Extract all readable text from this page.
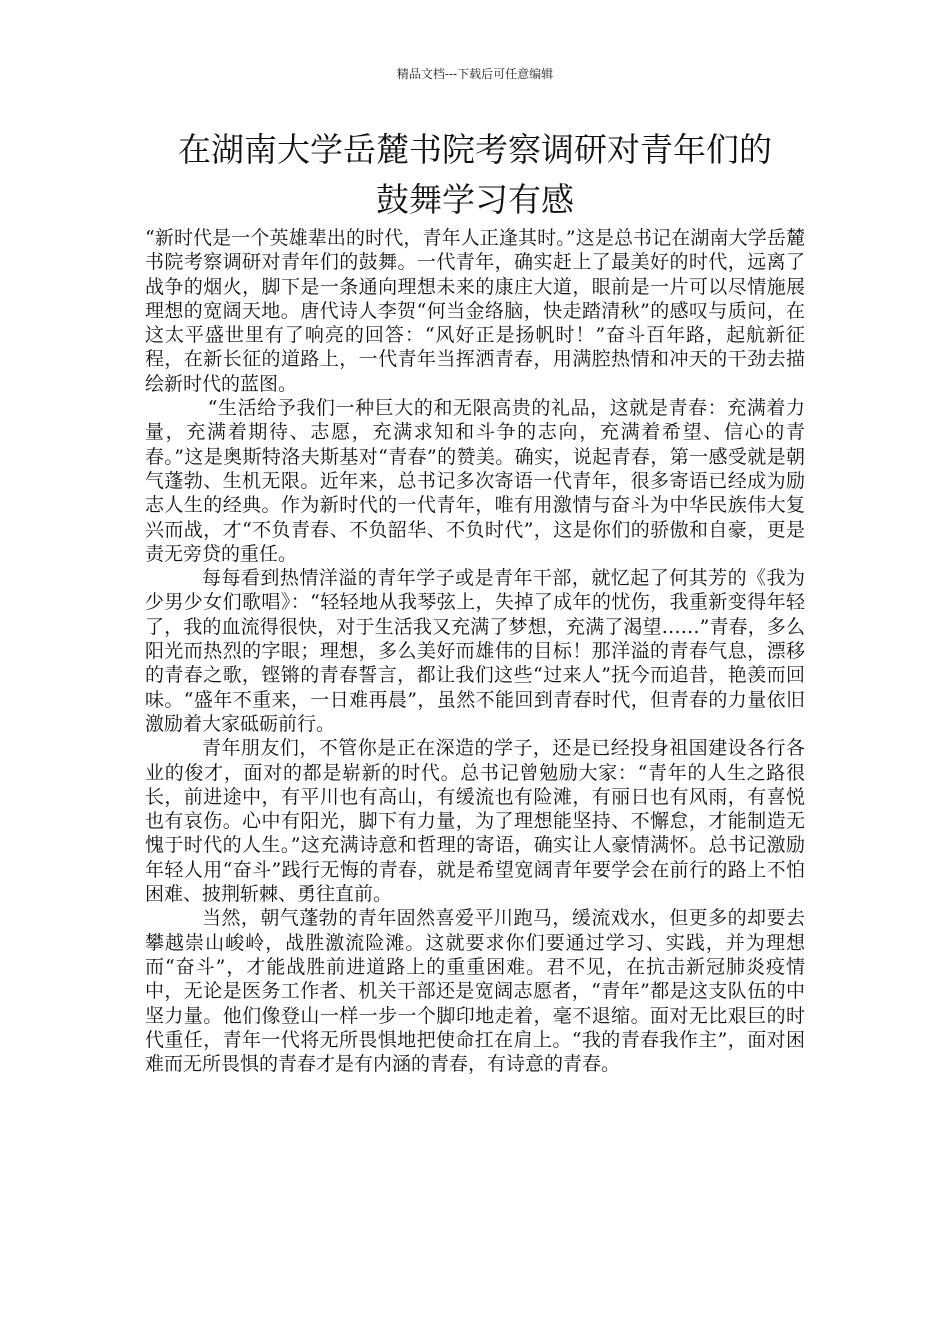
精品文档---下载后可任意编辑
在湖南大学岳麓书院考察调研对青年们的
鼓舞学习有感

“新时代是一个英雄辈出的时代，青年人正逢其时。”这是总书记在湖南大学岳麓书院考察调研对青年们的鼓舞。一代青年，确实赶上了最美好的时代，远离了战争的烟火，脚下是一条通向理想未来的康庄大道，眼前是一片可以尽情施展理想的宽阔天地。唐代诗人李贺“何当金络脑，快走踏清秋”的感叹与质问，在这太平盛世里有了响亮的回答：“风好正是扬帆时！”奋斗百年路，起航新征程，在新长征的道路上，一代青年当挥洒青春，用满腔热情和冲天的干劲去描绘新时代的蓝图。

“生活给予我们一种巨大的和无限高贵的礼品，这就是青春：充满着力量，充满着期待、志愿，充满求知和斗争的志向，充满着希望、信心的青春。”这是奥斯特洛夫斯基对“青春”的赞美。确实，说起青春，第一感受就是朝气蓬勃、生机无限。近年来，总书记多次寄语一代青年，很多寄语已经成为励志人生的经典。作为新时代的一代青年，唯有用激情与奋斗为中华民族伟大复兴而战，才“不负青春、不负韶华、不负时代”，这是你们的骄傲和自豪，更是责无旁贷的重任。

每每看到热情洋溢的青年学子或是青年干部，就忆起了何其芳的《我为少男少女们歌唱》：“轻轻地从我琴弦上，失掉了成年的忧伤，我重新变得年轻了，我的血流得很快，对于生活我又充满了梦想，充满了渴望……”青春，多么阳光而热烈的字眼；理想，多么美好而雄伟的目标！那洋溢的青春气息，漂移的青春之歌，铿锵的青春誓言，都让我们这些“过来人”抚今而追昔，艳羡而回味。“盛年不重来，一日难再晨”，虽然不能回到青春时代，但青春的力量依旧激励着大家砥砺前行。

青年朋友们，不管你是正在深造的学子，还是已经投身祖国建设各行各业的俊才，面对的都是崭新的时代。总书记曾勉励大家：“青年的人生之路很长，前进途中，有平川也有高山，有缓流也有险滩，有丽日也有风雨，有喜悦也有哀伤。心中有阳光，脚下有力量，为了理想能坚持、不懈怠，才能制造无愧于时代的人生。”这充满诗意和哲理的寄语，确实让人豪情满怀。总书记激励年轻人用“奋斗”践行无悔的青春，就是希望宽阔青年要学会在前行的路上不怕困难、披荆斩棘、勇往直前。

当然，朝气蓬勃的青年固然喜爱平川跑马，缓流戏水，但更多的却要去攀越崇山峻岭，战胜激流险滩。这就要求你们要通过学习、实践，并为理想而“奋斗”，才能战胜前进道路上的重重困难。君不见，在抗击新冠肺炎疫情中，无论是医务工作者、机关干部还是宽阔志愿者，“青年”都是这支队伍的中坚力量。他们像登山一样一步一个脚印地走着，毫不退缩。面对无比艰巨的时代重任，青年一代将无所畏惧地把使命扛在肩上。“我的青春我作主”，面对困难而无所畏惧的青春才是有内涵的青春，有诗意的青春。
